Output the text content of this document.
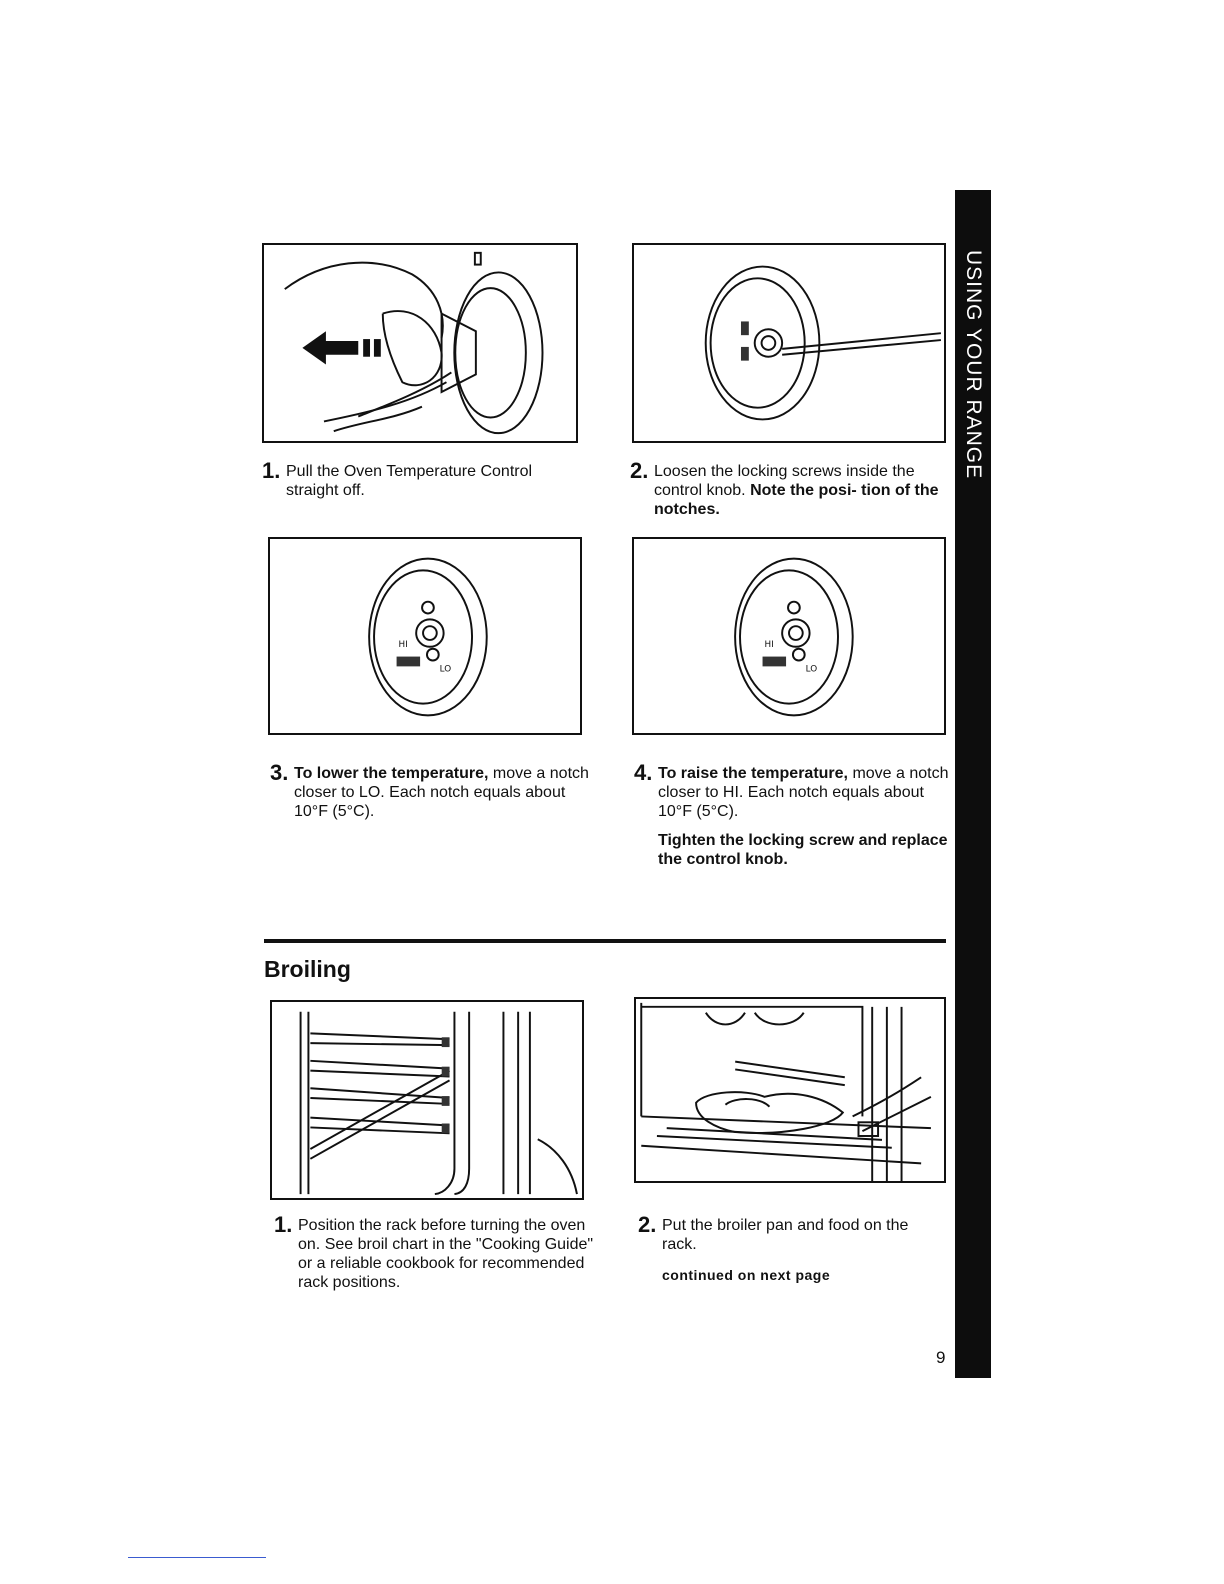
USING YOUR RANGE
1. Pull the Oven Temperature Control straight off.
2. Loosen the locking screws inside the control knob. Note the posi- tion of the notches.
HI
LO
HI
LO
3. To lower the temperature, move a notch closer to LO. Each notch equals about 10°F (5°C).
4. To raise the temperature, move a notch closer to HI. Each notch equals about 10°F (5°C).
Tighten the locking screw and replace the control knob.
Broiling
1. Position the rack before turning the oven on. See broil chart in the "Cooking Guide" or a reliable cookbook for recommended rack positions.
2. Put the broiler pan and food on the rack.
continued on next page
9
